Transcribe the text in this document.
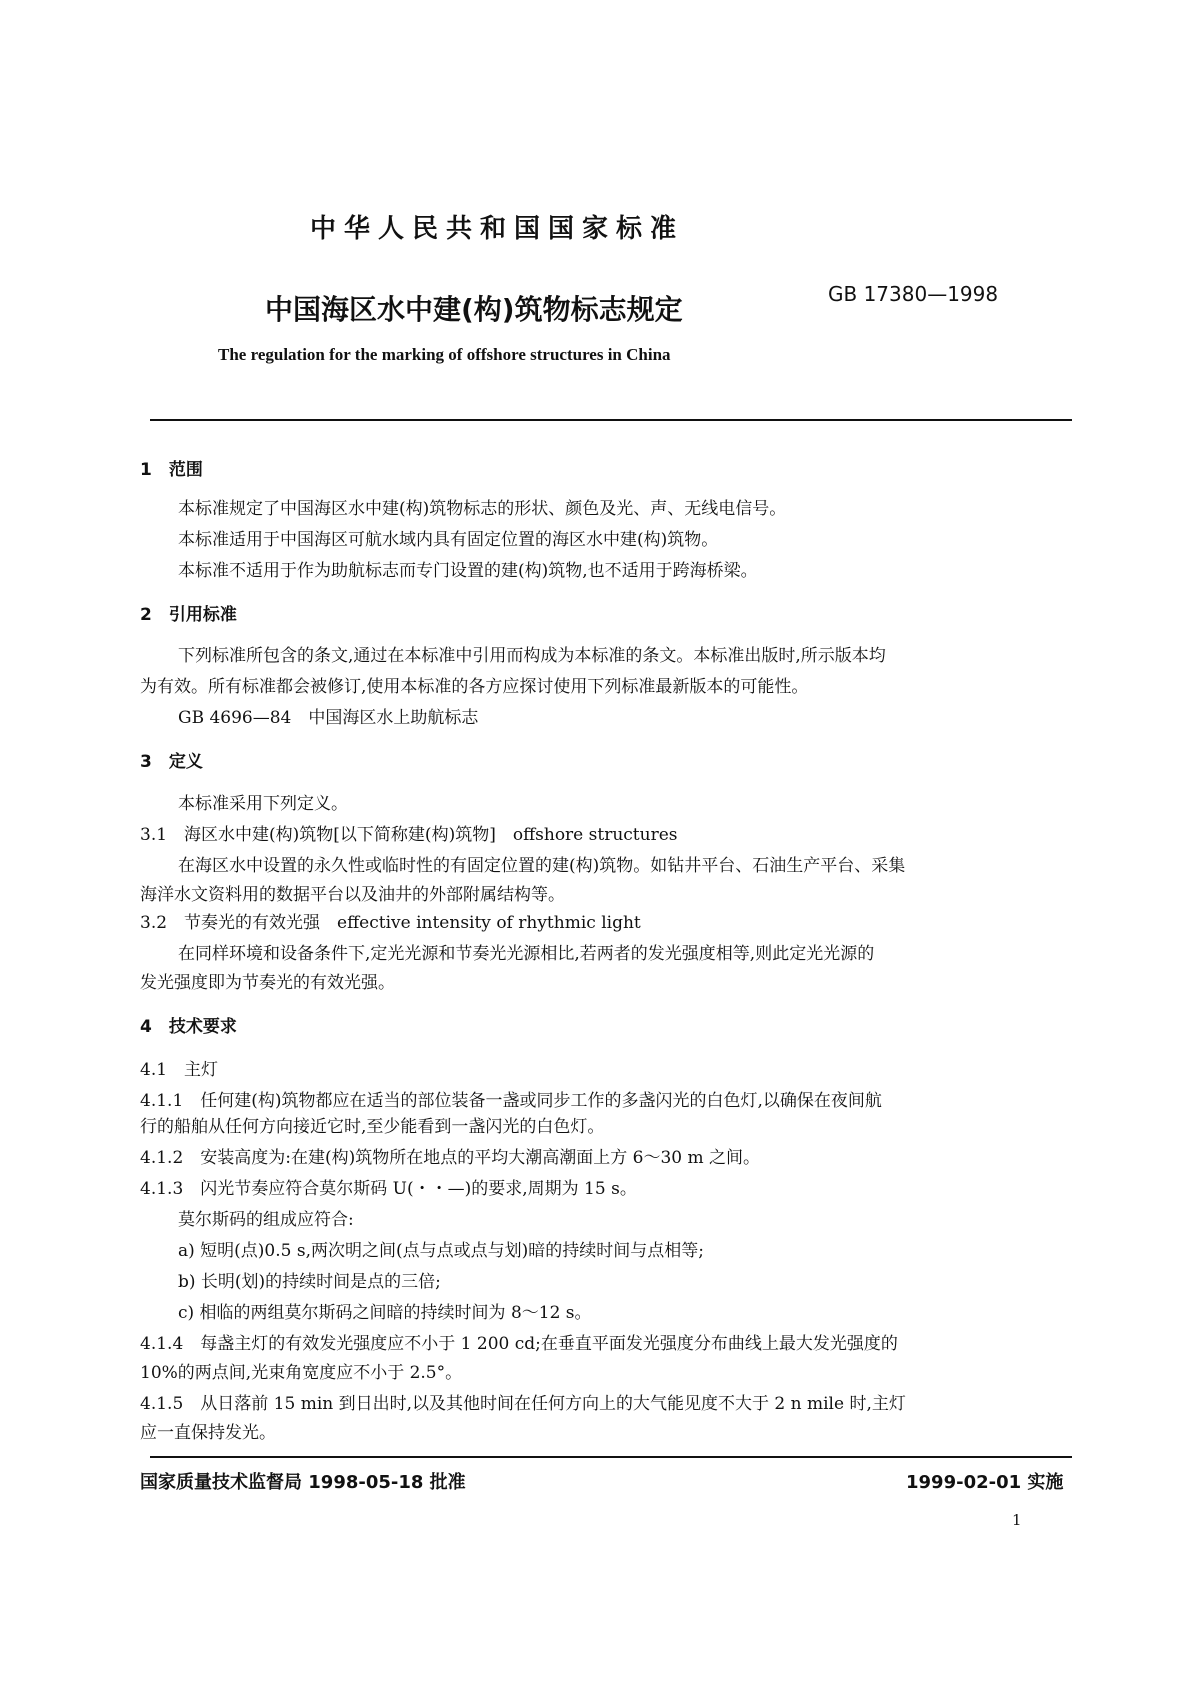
中华人民共和国国家标准
中国海区水中建(构)筑物标志规定	GB 17380—1998
The regulation for the marking of offshore structures in China
1　范围
本标准规定了中国海区水中建(构)筑物标志的形状、颜色及光、声、无线电信号。
本标准适用于中国海区可航水域内具有固定位置的海区水中建(构)筑物。
本标准不适用于作为助航标志而专门设置的建(构)筑物,也不适用于跨海桥梁。
2　引用标准
下列标准所包含的条文,通过在本标准中引用而构成为本标准的条文。本标准出版时,所示版本均
为有效。所有标准都会被修订,使用本标准的各方应探讨使用下列标准最新版本的可能性。
GB 4696—84　中国海区水上助航标志
3　定义
本标准采用下列定义。
3.1　海区水中建(构)筑物[以下简称建(构)筑物]　offshore structures
在海区水中设置的永久性或临时性的有固定位置的建(构)筑物。如钻井平台、石油生产平台、采集
海洋水文资料用的数据平台以及油井的外部附属结构等。
3.2　节奏光的有效光强　effective intensity of rhythmic light
在同样环境和设备条件下,定光光源和节奏光光源相比,若两者的发光强度相等,则此定光光源的
发光强度即为节奏光的有效光强。
4　技术要求
4.1　主灯
4.1.1　任何建(构)筑物都应在适当的部位装备一盏或同步工作的多盏闪光的白色灯,以确保在夜间航
行的船舶从任何方向接近它时,至少能看到一盏闪光的白色灯。
4.1.2　安装高度为:在建(构)筑物所在地点的平均大潮高潮面上方 6～30 m 之间。
4.1.3　闪光节奏应符合莫尔斯码 U(・・—)的要求,周期为 15 s。
莫尔斯码的组成应符合:
a) 短明(点)0.5 s,两次明之间(点与点或点与划)暗的持续时间与点相等;
b) 长明(划)的持续时间是点的三倍;
c) 相临的两组莫尔斯码之间暗的持续时间为 8～12 s。
4.1.4　每盏主灯的有效发光强度应不小于 1 200 cd;在垂直平面发光强度分布曲线上最大发光强度的
10%的两点间,光束角宽度应不小于 2.5°。
4.1.5　从日落前 15 min 到日出时,以及其他时间在任何方向上的大气能见度不大于 2 n mile 时,主灯
应一直保持发光。
国家质量技术监督局 1998-05-18 批准	1999-02-01 实施
1
